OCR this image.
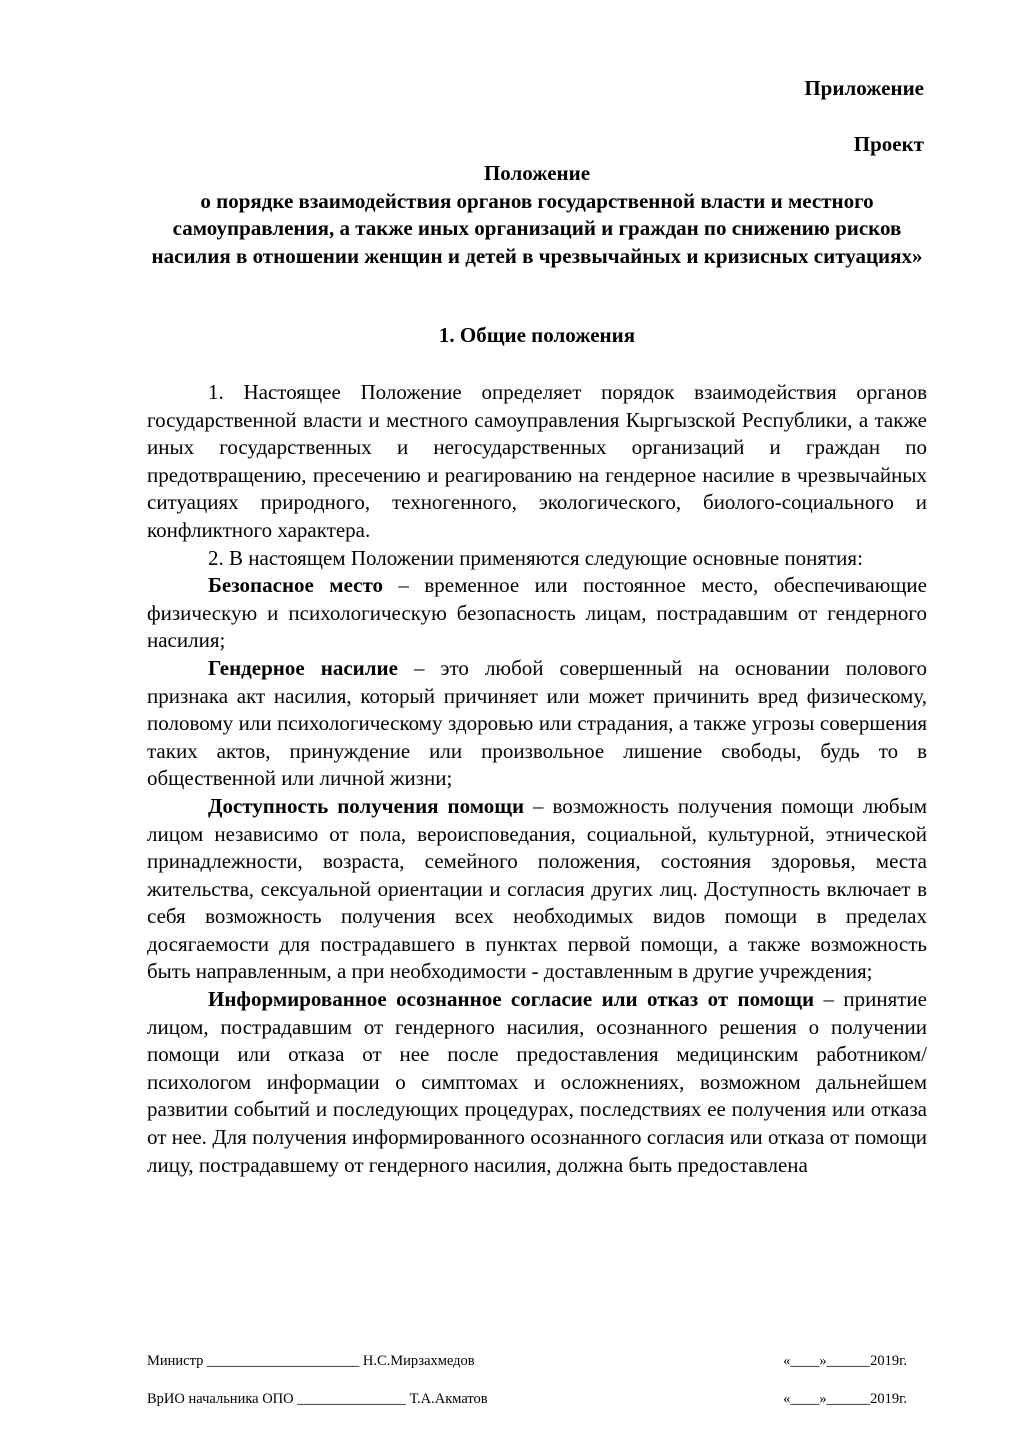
Приложение
Проект
Положение
о порядке взаимодействия органов государственной власти и местного самоуправления, а также иных организаций и граждан по снижению рисков насилия в отношении женщин и детей в чрезвычайных и кризисных ситуациях»
1. Общие положения

1. Настоящее Положение определяет порядок взаимодействия органов государственной власти и местного самоуправления Кыргызской Республики, а также иных государственных и негосударственных организаций и граждан по предотвращению, пресечению и реагированию на гендерное насилие в чрезвычайных ситуациях природного, техногенного, экологического, биолого-социального и конфликтного характера.

2. В настоящем Положении применяются следующие основные понятия:

Безопасное место – временное или постоянное место, обеспечивающие физическую и психологическую безопасность лицам, пострадавшим от гендерного насилия;

Гендерное насилие – это любой совершенный на основании полового признака акт насилия, который причиняет или может причинить вред физическому, половому или психологическому здоровью или страдания, а также угрозы совершения таких актов, принуждение или произвольное лишение свободы, будь то в общественной или личной жизни;

Доступность получения помощи – возможность получения помощи любым лицом независимо от пола, вероисповедания, социальной, культурной, этнической принадлежности, возраста, семейного положения, состояния здоровья, места жительства, сексуальной ориентации и согласия других лиц. Доступность включает в себя возможность получения всех необходимых видов помощи в пределах досягаемости для пострадавшего в пунктах первой помощи, а также возможность быть направленным, а при необходимости - доставленным в другие учреждения;

Информированное осознанное согласие или отказ от помощи – принятие лицом, пострадавшим от гендерного насилия, осознанного решения о получении помощи или отказа от нее после предоставления медицинским работником/психологом информации о симптомах и осложнениях, возможном дальнейшем развитии событий и последующих процедурах, последствиях ее получения или отказа от нее. Для получения информированного осознанного согласия или отказа от помощи лицу, пострадавшему от гендерного насилия, должна быть предоставлена

Министр _____________________ Н.С.Мирзахмедов	«____»______2019г.
ВрИО начальника ОПО _______________ Т.А.Акматов	«____»______2019г.
